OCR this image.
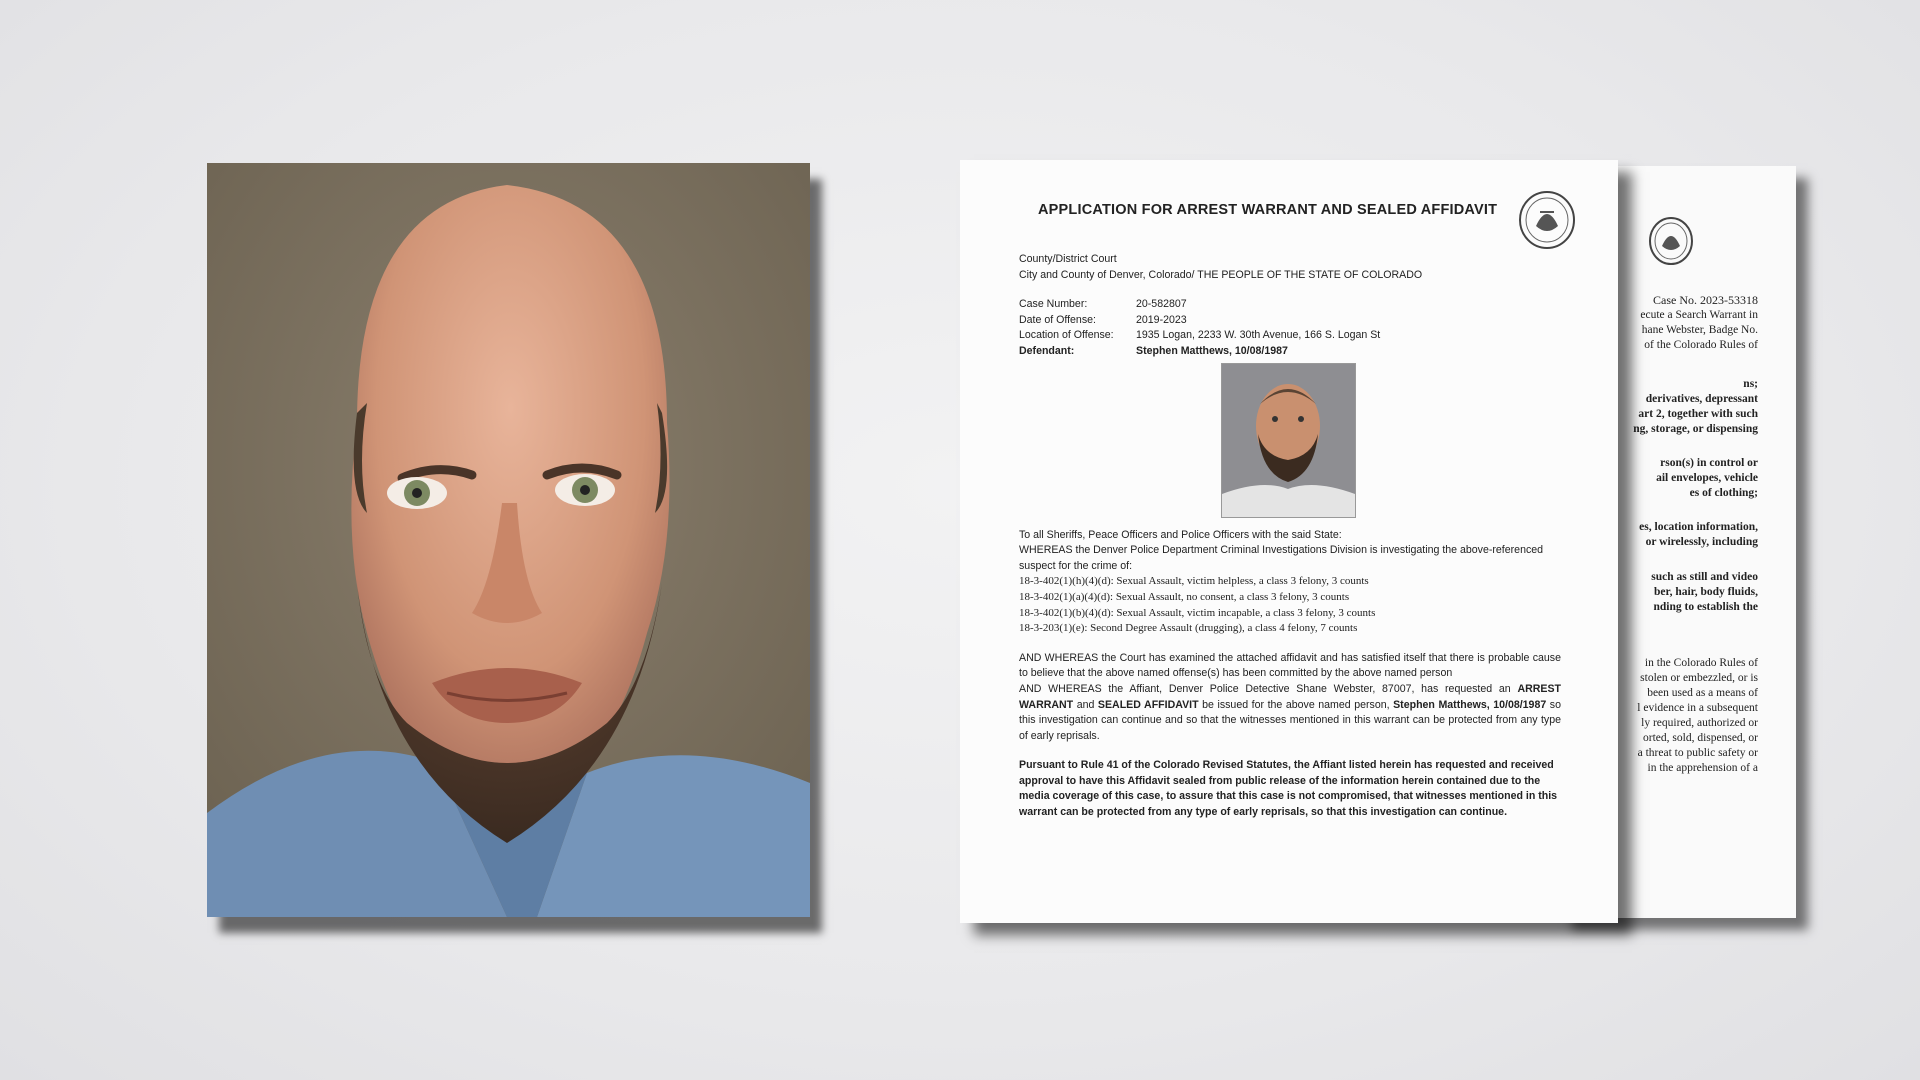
Case No. 2023-53318
ecute a Search Warrant in
hane Webster, Badge No.
of the Colorado Rules of
ns;
derivatives, depressant
art 2, together with such
ng, storage, or dispensing
rson(s) in control or
ail envelopes, vehicle
es of clothing;
es, location information,
or wirelessly, including
such as still and video
ber, hair, body fluids,
nding to establish the
in the Colorado Rules of
stolen or embezzled, or is
been used as a means of
l evidence in a subsequent
ly required, authorized or
orted, sold, dispensed, or
a threat to public safety or
in the apprehension of a
APPLICATION FOR ARREST WARRANT AND SEALED AFFIDAVIT
County/District Court
City and County of Denver, Colorado/ THE PEOPLE OF THE STATE OF COLORADO
Case Number:	20-582807
Date of Offense:	2019-2023
Location of Offense:	1935 Logan, 2233 W. 30th Avenue, 166 S. Logan St
Defendant:	Stephen Matthews, 10/08/1987
To all Sheriffs, Peace Officers and Police Officers with the said State:
WHEREAS the Denver Police Department Criminal Investigations Division is investigating the above-referenced suspect for the crime of:
18-3-402(1)(h)(4)(d): Sexual Assault, victim helpless, a class 3 felony, 3 counts
18-3-402(1)(a)(4)(d): Sexual Assault, no consent, a class 3 felony, 3 counts
18-3-402(1)(b)(4)(d): Sexual Assault, victim incapable, a class 3 felony, 3 counts
18-3-203(1)(e): Second Degree Assault (drugging), a class 4 felony, 7 counts
AND WHEREAS the Court has examined the attached affidavit and has satisfied itself that there is probable cause to believe that the above named offense(s) has been committed by the above named person
AND WHEREAS the Affiant, Denver Police Detective Shane Webster, 87007, has requested an ARREST WARRANT and SEALED AFFIDAVIT be issued for the above named person, Stephen Matthews, 10/08/1987 so this investigation can continue and so that the witnesses mentioned in this warrant can be protected from any type of early reprisals.
Pursuant to Rule 41 of the Colorado Revised Statutes, the Affiant listed herein has requested and received approval to have this Affidavit sealed from public release of the information herein contained due to the media coverage of this case, to assure that this case is not compromised, that witnesses mentioned in this warrant can be protected from any type of early reprisals, so that this investigation can continue.
